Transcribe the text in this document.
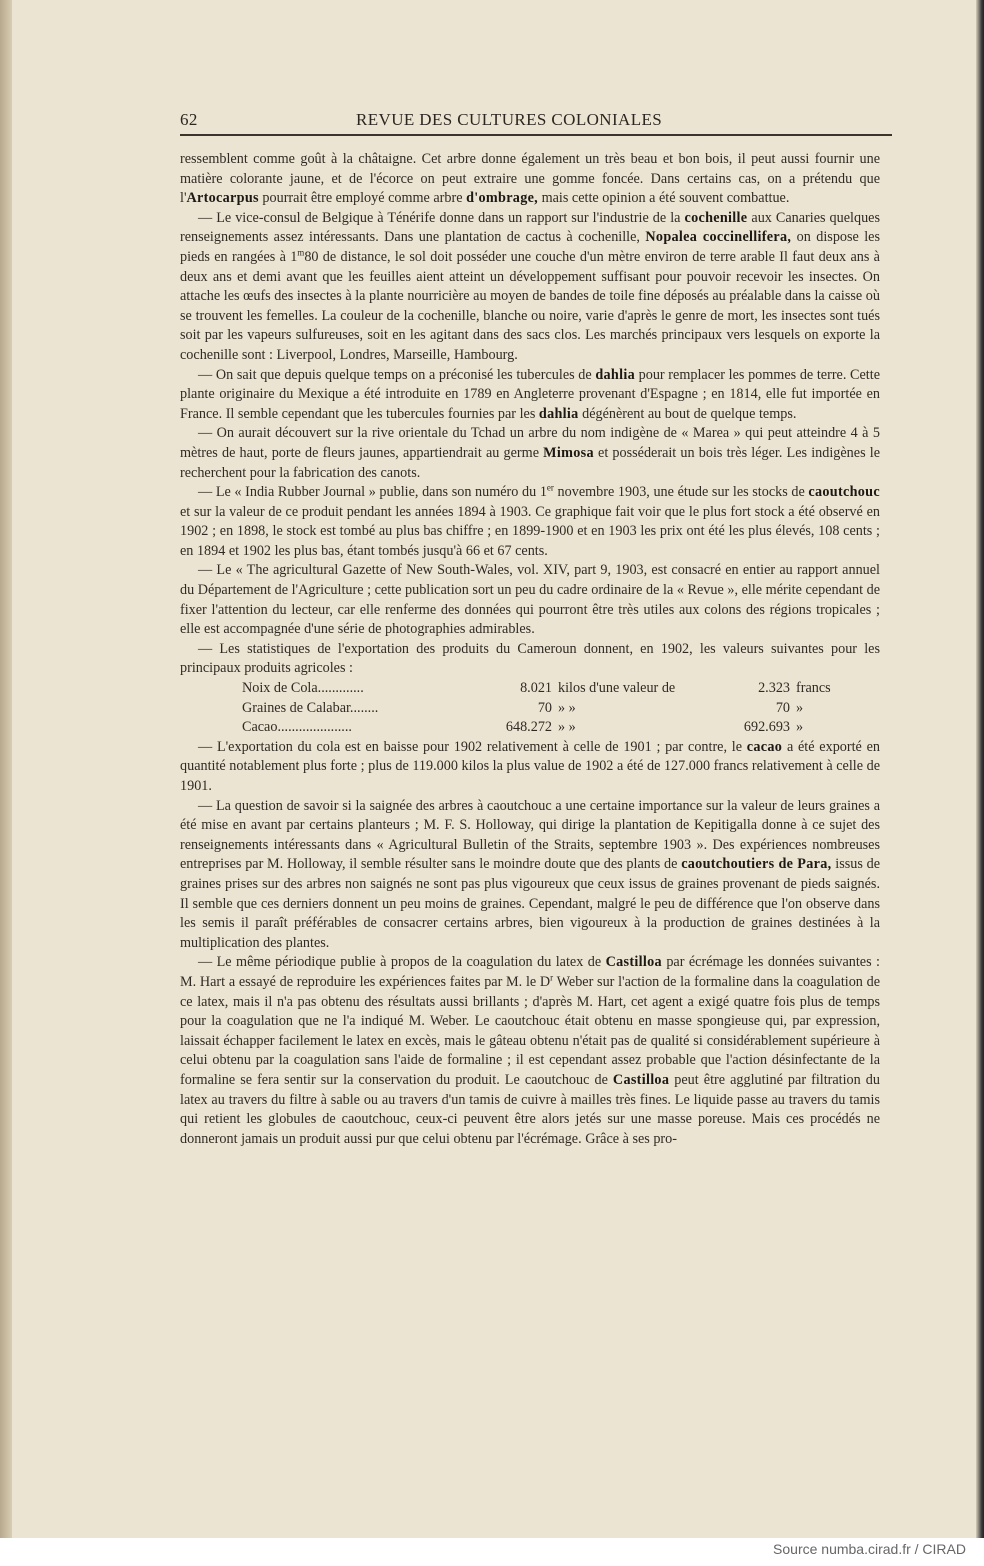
62	REVUE DES CULTURES COLONIALES

ressemblent comme goût à la châtaigne. Cet arbre donne également un très beau et bon bois, il peut aussi fournir une matière colorante jaune, et de l'écorce on peut extraire une gomme foncée. Dans certains cas, on a prétendu que l'Artocarpus pourrait être employé comme arbre d'ombrage, mais cette opinion a été souvent combattue.

— Le vice-consul de Belgique à Ténérife donne dans un rapport sur l'industrie de la cochenille aux Canaries quelques renseignements assez intéressants. Dans une plantation de cactus à cochenille, Nopalea coccinellifera, on dispose les pieds en rangées à 1$^m$80 de distance, le sol doit posséder une couche d'un mètre environ de terre arable Il faut deux ans à deux ans et demi avant que les feuilles aient atteint un développement suffisant pour pouvoir recevoir les insectes. On attache les œufs des insectes à la plante nourricière au moyen de bandes de toile fine déposés au préalable dans la caisse où se trouvent les femelles. La couleur de la cochenille, blanche ou noire, varie d'après le genre de mort, les insectes sont tués soit par les vapeurs sulfureuses, soit en les agitant dans des sacs clos. Les marchés principaux vers lesquels on exporte la cochenille sont : Liverpool, Londres, Marseille, Hambourg.

— On sait que depuis quelque temps on a préconisé les tubercules de dahlia pour remplacer les pommes de terre. Cette plante originaire du Mexique a été introduite en 1789 en Angleterre provenant d'Espagne ; en 1814, elle fut importée en France. Il semble cependant que les tubercules fournies par les dahlia dégénèrent au bout de quelque temps.

— On aurait découvert sur la rive orientale du Tchad un arbre du nom indigène de « Marea » qui peut atteindre 4 à 5 mètres de haut, porte de fleurs jaunes, appartiendrait au germe Mimosa et posséderait un bois très léger. Les indigènes le recherchent pour la fabrication des canots.

— Le « India Rubber Journal » publie, dans son numéro du 1er novembre 1903, une étude sur les stocks de caoutchouc et sur la valeur de ce produit pendant les années 1894 à 1903. Ce graphique fait voir que le plus fort stock a été observé en 1902 ; en 1898, le stock est tombé au plus bas chiffre ; en 1899-1900 et en 1903 les prix ont été les plus élevés, 108 cents ; en 1894 et 1902 les plus bas, étant tombés jusqu'à 66 et 67 cents.

— Le « The agricultural Gazette of New South-Wales, vol. XIV, part 9, 1903, est consacré en entier au rapport annuel du Département de l'Agriculture ; cette publication sort un peu du cadre ordinaire de la « Revue », elle mérite cependant de fixer l'attention du lecteur, car elle renferme des données qui pourront être très utiles aux colons des régions tropicales ; elle est accompagnée d'une série de photographies admirables.

— Les statistiques de l'exportation des produits du Cameroun donnent, en 1902, les valeurs suivantes pour les principaux produits agricoles :

Noix de Cola.............	8.021	kilos d'une valeur de	2.323	francs
Graines de Calabar........	70	» »	70	»
Cacao.....................	648.272	» »	692.693	»

— L'exportation du cola est en baisse pour 1902 relativement à celle de 1901 ; par contre, le cacao a été exporté en quantité notablement plus forte ; plus de 119.000 kilos la plus value de 1902 a été de 127.000 francs relativement à celle de 1901.

— La question de savoir si la saignée des arbres à caoutchouc a une certaine importance sur la valeur de leurs graines a été mise en avant par certains planteurs ; M. F. S. Holloway, qui dirige la plantation de Kepitigalla donne à ce sujet des renseignements intéressants dans « Agricultural Bulletin of the Straits, septembre 1903 ». Des expériences nombreuses entreprises par M. Holloway, il semble résulter sans le moindre doute que des plants de caoutchoutiers de Para, issus de graines prises sur des arbres non saignés ne sont pas plus vigoureux que ceux issus de graines provenant de pieds saignés. Il semble que ces derniers donnent un peu moins de graines. Cependant, malgré le peu de différence que l'on observe dans les semis il paraît préférables de consacrer certains arbres, bien vigoureux à la production de graines destinées à la multiplication des plantes.

— Le même périodique publie à propos de la coagulation du latex de Castilloa par écrémage les données suivantes : M. Hart a essayé de reproduire les expériences faites par M. le $D^r$ Weber sur l'action de la formaline dans la coagulation de ce latex, mais il n'a pas obtenu des résultats aussi brillants ; d'après M. Hart, cet agent a exigé quatre fois plus de temps pour la coagulation que ne l'a indiqué M. Weber. Le caoutchouc était obtenu en masse spongieuse qui, par expression, laissait échapper facilement le latex en excès, mais le gâteau obtenu n'était pas de qualité si considérablement supérieure à celui obtenu par la coagulation sans l'aide de formaline ; il est cependant assez probable que l'action désinfectante de la formaline se fera sentir sur la conservation du produit. Le caoutchouc de Castilloa peut être agglutiné par filtration du latex au travers du filtre à sable ou au travers d'un tamis de cuivre à mailles très fines. Le liquide passe au travers du tamis qui retient les globules de caoutchouc, ceux-ci peuvent être alors jetés sur une masse poreuse. Mais ces procédés ne donneront jamais un produit aussi pur que celui obtenu par l'écrémage. Grâce à ses pro-

Source numba.cirad.fr / CIRAD
